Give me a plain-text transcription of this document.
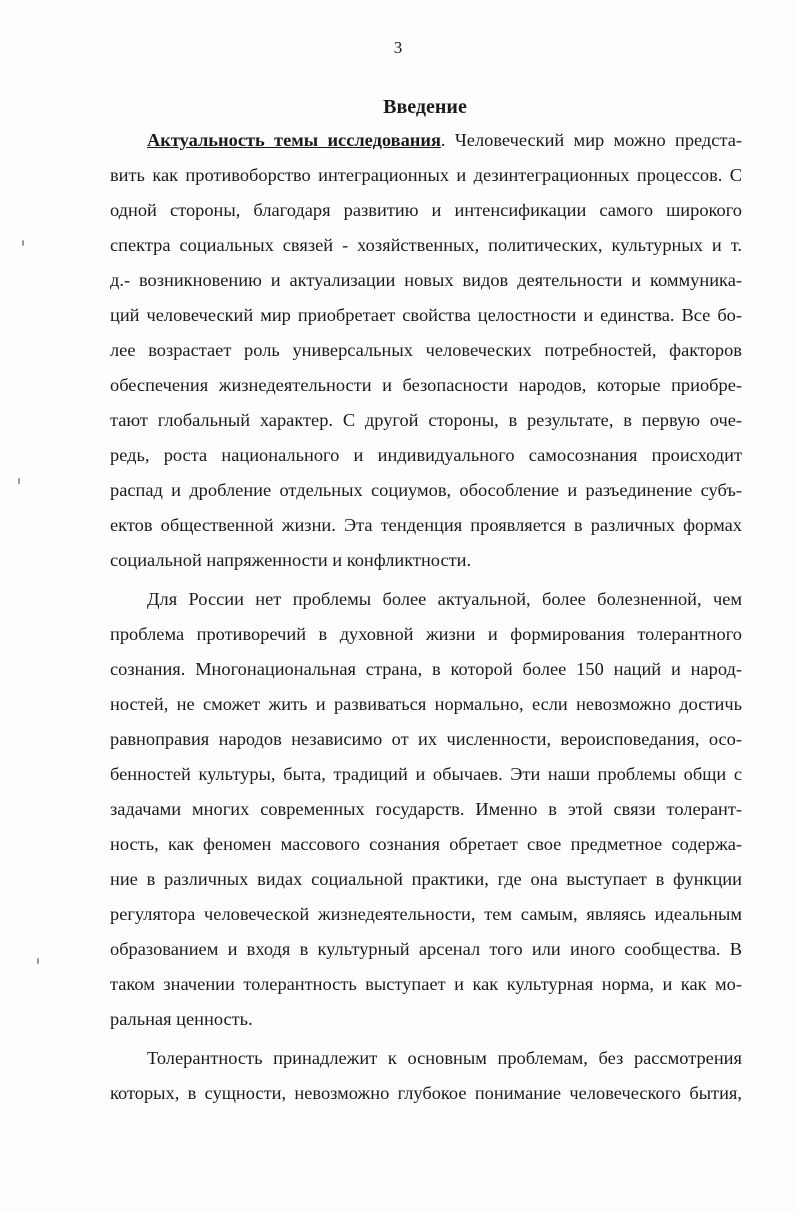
3
Введение
Актуальность темы исследования. Человеческий мир можно предста-
вить как противоборство интеграционных и дезинтеграционных процессов. С
одной стороны, благодаря развитию и интенсификации самого широкого
спектра социальных связей - хозяйственных, политических, культурных и т.
д.- возникновению и актуализации новых видов деятельности и коммуника-
ций человеческий мир приобретает свойства целостности и единства. Все бо-
лее возрастает роль универсальных человеческих потребностей, факторов
обеспечения жизнедеятельности и безопасности народов, которые приобре-
тают глобальный характер. С другой стороны, в результате, в первую оче-
редь, роста национального и индивидуального самосознания происходит
распад и дробление отдельных социумов, обособление и разъединение субъ-
ектов общественной жизни. Эта тенденция проявляется в различных формах
социальной напряженности и конфликтности.
Для России нет проблемы более актуальной, более болезненной, чем
проблема противоречий в духовной жизни и формирования толерантного
сознания. Многонациональная страна, в которой более 150 наций и народ-
ностей, не сможет жить и развиваться нормально, если невозможно достичь
равноправия народов независимо от их численности, вероисповедания, осо-
бенностей культуры, быта, традиций и обычаев. Эти наши проблемы общи с
задачами многих современных государств. Именно в этой связи толерант-
ность, как феномен массового сознания обретает свое предметное содержа-
ние в различных видах социальной практики, где она выступает в функции
регулятора человеческой жизнедеятельности, тем самым, являясь идеальным
образованием и входя в культурный арсенал того или иного сообщества. В
таком значении толерантность выступает и как культурная норма, и как мо-
ральная ценность.
Толерантность принадлежит к основным проблемам, без рассмотрения
которых, в сущности, невозможно глубокое понимание человеческого бытия,
